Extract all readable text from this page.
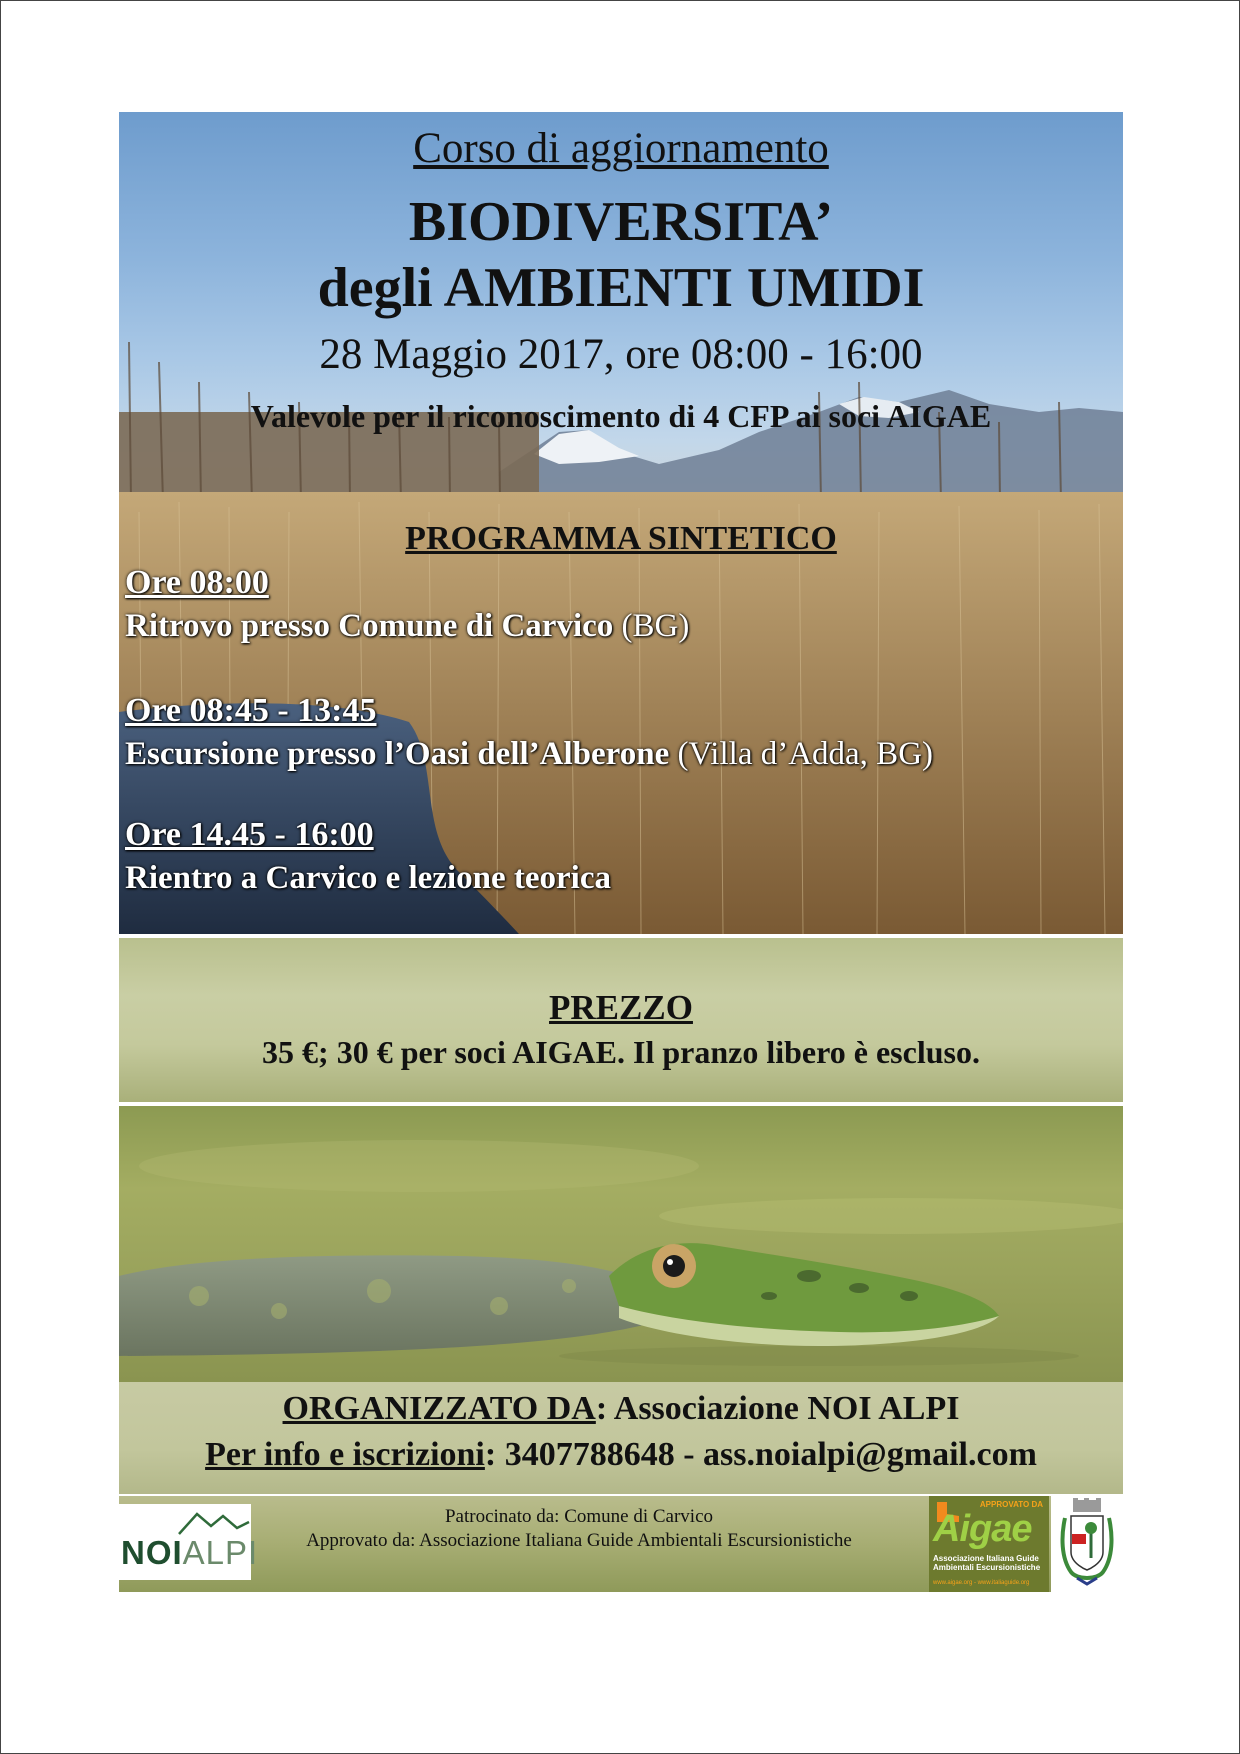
Corso di aggiornamento
BIODIVERSITA’
degli AMBIENTI UMIDI
28 Maggio 2017, ore 08:00 - 16:00
Valevole per il riconoscimento di 4 CFP ai soci AIGAE
PROGRAMMA SINTETICO
Ore 08:00
Ritrovo presso Comune di Carvico (BG)
Ore 08:45 - 13:45
Escursione presso l’Oasi dell’Alberone (Villa d’Adda, BG)
Ore 14.45 - 16:00
Rientro a Carvico e lezione teorica
PREZZO
35 €; 30 € per soci AIGAE. Il pranzo libero è escluso.
ORGANIZZATO DA: Associazione NOI ALPI
Per info e iscrizioni: 3407788648 - ass.noialpi@gmail.com
NOIALPI
Patrocinato da: Comune di Carvico
Approvato da: Associazione Italiana Guide Ambientali Escursionistiche
APPROVATO DA
Aigae
Associazione Italiana Guide Ambientali Escursionistiche
www.aigae.org - www.italiaguide.org
